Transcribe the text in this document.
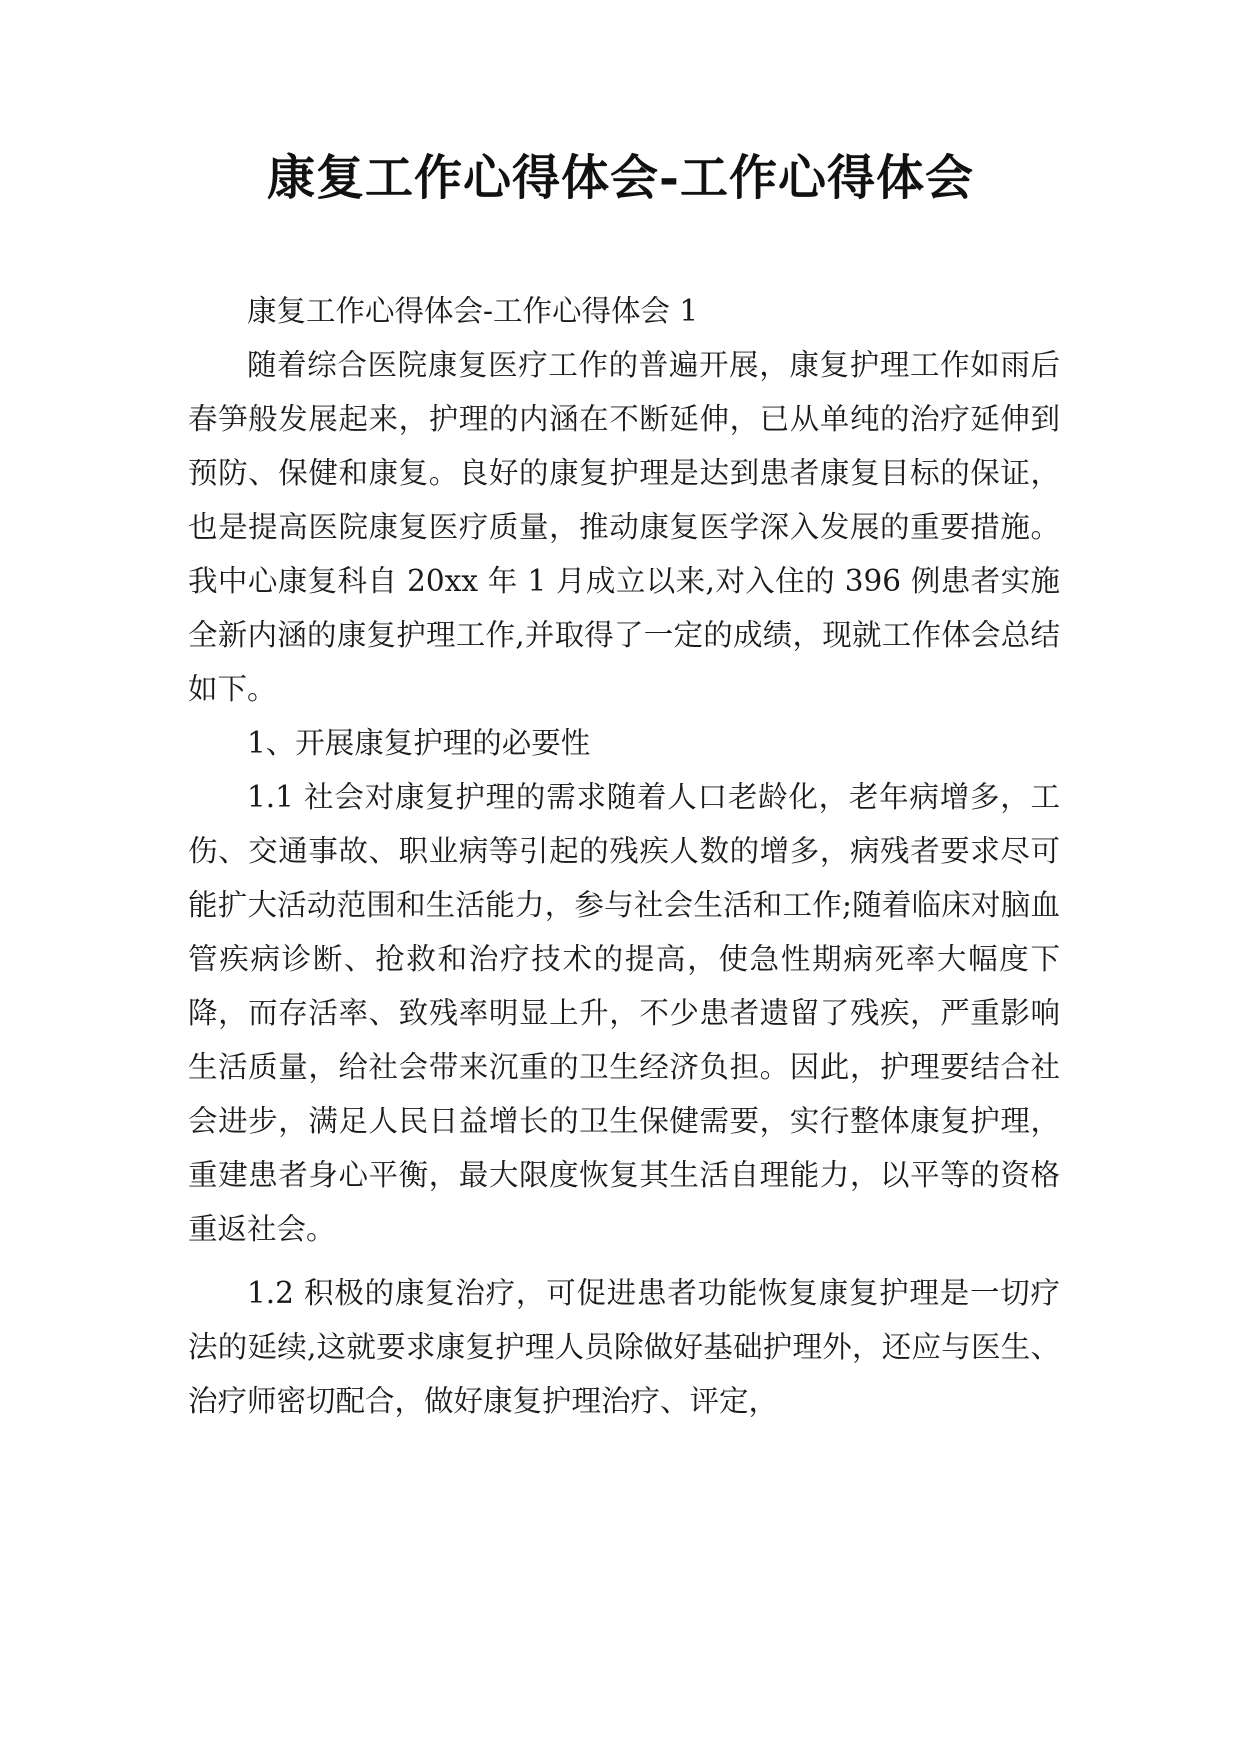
康复工作心得体会-工作心得体会

康复工作心得体会-工作心得体会 1

随着综合医院康复医疗工作的普遍开展，康复护理工作如雨后春笋般发展起来，护理的内涵在不断延伸，已从单纯的治疗延伸到预防、保健和康复。良好的康复护理是达到患者康复目标的保证，也是提高医院康复医疗质量，推动康复医学深入发展的重要措施。我中心康复科自 20xx 年 1 月成立以来,对入住的 396 例患者实施全新内涵的康复护理工作,并取得了一定的成绩，现就工作体会总结如下。

1、开展康复护理的必要性

1.1 社会对康复护理的需求随着人口老龄化，老年病增多，工伤、交通事故、职业病等引起的残疾人数的增多，病残者要求尽可能扩大活动范围和生活能力，参与社会生活和工作;随着临床对脑血管疾病诊断、抢救和治疗技术的提高，使急性期病死率大幅度下降，而存活率、致残率明显上升，不少患者遗留了残疾，严重影响生活质量，给社会带来沉重的卫生经济负担。因此，护理要结合社会进步，满足人民日益增长的卫生保健需要，实行整体康复护理，重建患者身心平衡，最大限度恢复其生活自理能力，以平等的资格重返社会。

1.2 积极的康复治疗，可促进患者功能恢复康复护理是一切疗法的延续,这就要求康复护理人员除做好基础护理外，还应与医生、治疗师密切配合，做好康复护理治疗、评定，
